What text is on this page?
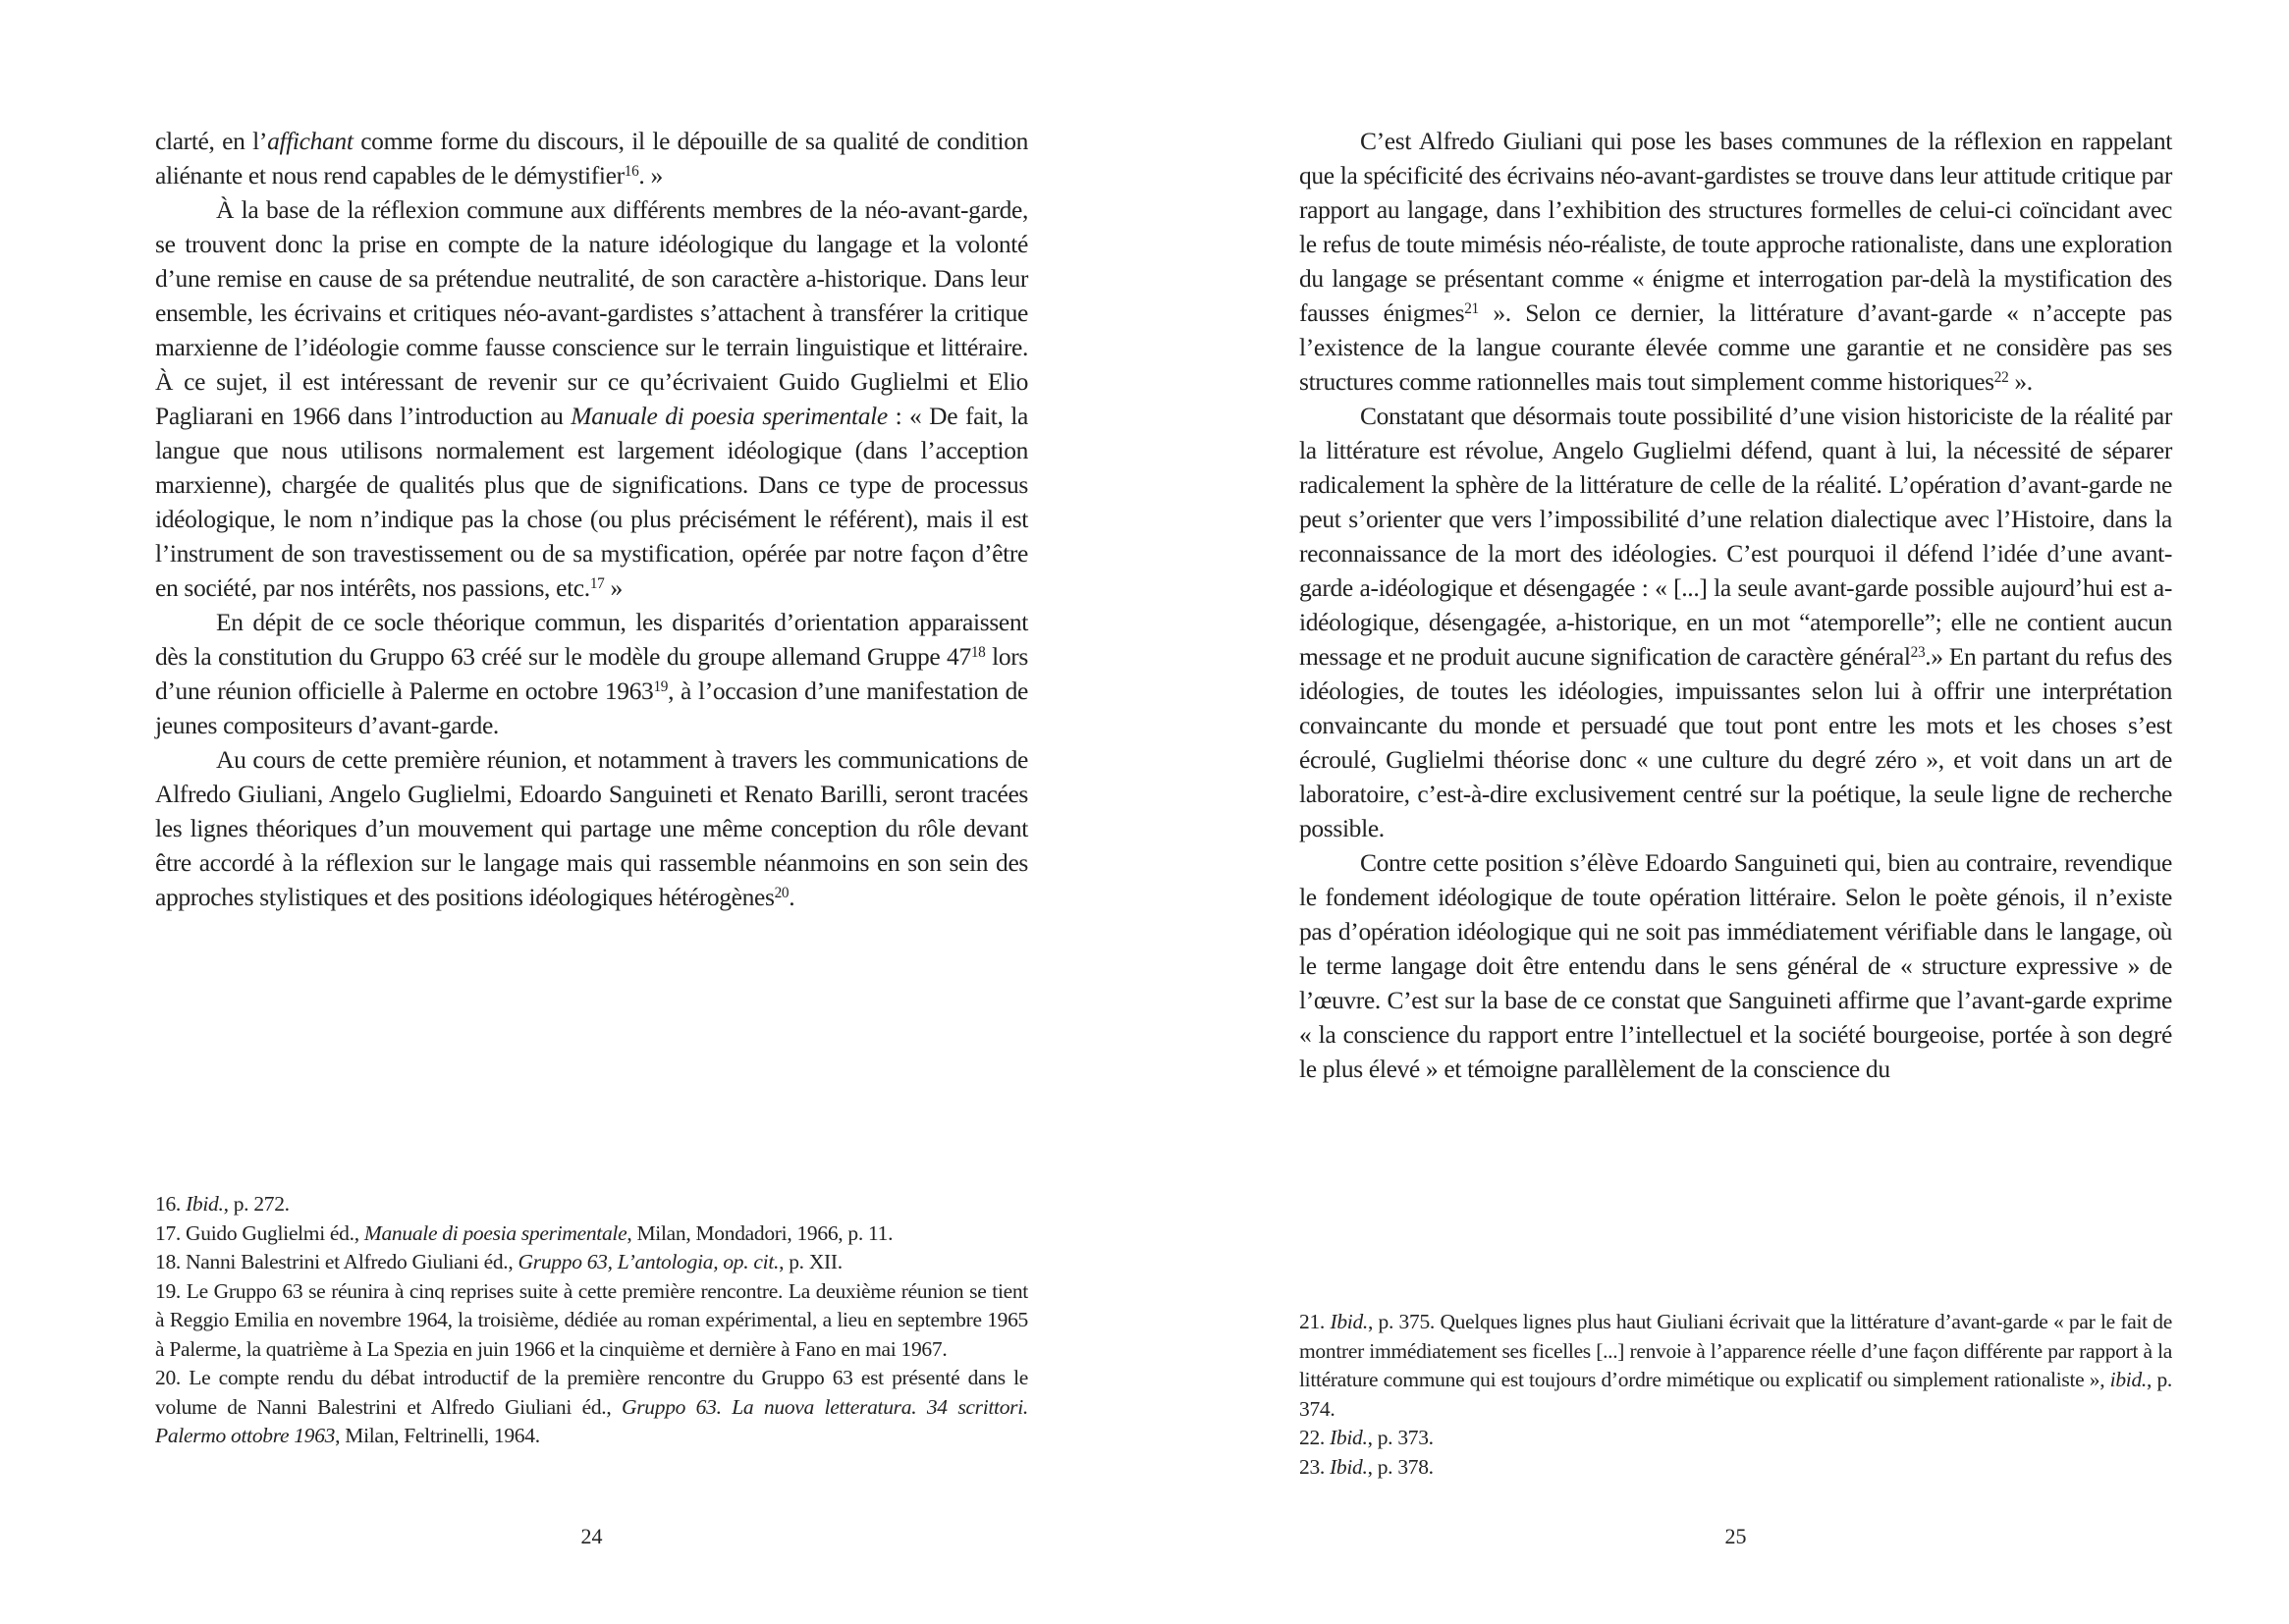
clarté, en l’affichant comme forme du discours, il le dépouille de sa qualité de condition aliénante et nous rend capables de le démystifier$^{16}$. »

À la base de la réflexion commune aux différents membres de la néo-avant-garde, se trouvent donc la prise en compte de la nature idéologique du langage et la volonté d’une remise en cause de sa prétendue neutralité, de son caractère a-historique. Dans leur ensemble, les écrivains et critiques néo-avant-gardistes s’attachent à transférer la critique marxienne de l’idéologie comme fausse conscience sur le terrain linguistique et littéraire. À ce sujet, il est intéressant de revenir sur ce qu’écrivaient Guido Guglielmi et Elio Pagliarani en 1966 dans l’introduction au Manuale di poesia sperimentale : « De fait, la langue que nous utilisons normalement est largement idéologique (dans l’acception marxienne), chargée de qualités plus que de significations. Dans ce type de processus idéologique, le nom n’indique pas la chose (ou plus précisément le référent), mais il est l’instrument de son travestissement ou de sa mystification, opérée par notre façon d’être en société, par nos intérêts, nos passions, etc.$^{17}$ »

En dépit de ce socle théorique commun, les disparités d’orientation apparaissent dès la constitution du Gruppo 63 créé sur le modèle du groupe allemand Gruppe $47^{18}$ lors d’une réunion officielle à Palerme en octobre 1963$^{19}$, à l’occasion d’une manifestation de jeunes compositeurs d’avant-garde.

Au cours de cette première réunion, et notamment à travers les communications de Alfredo Giuliani, Angelo Guglielmi, Edoardo Sanguineti et Renato Barilli, seront tracées les lignes théoriques d’un mouvement qui partage une même conception du rôle devant être accordé à la réflexion sur le langage mais qui rassemble néanmoins en son sein des approches stylistiques et des positions idéologiques hétérogènes$^{20}$.

16. Ibid., p. 272.

17. Guido Guglielmi éd., Manuale di poesia sperimentale, Milan, Mondadori, 1966, p. 11.

18. Nanni Balestrini et Alfredo Giuliani éd., Gruppo 63, L’antologia, op. cit., p. XII.

19. Le Gruppo 63 se réunira à cinq reprises suite à cette première rencontre. La deuxième réunion se tient à Reggio Emilia en novembre 1964, la troisième, dédiée au roman expérimental, a lieu en septembre 1965 à Palerme, la quatrième à La Spezia en juin 1966 et la cinquième et dernière à Fano en mai 1967.

20. Le compte rendu du débat introductif de la première rencontre du Gruppo 63 est présenté dans le volume de Nanni Balestrini et Alfredo Giuliani éd., Gruppo 63. La nuova letteratura. 34 scrittori. Palermo ottobre 1963, Milan, Feltrinelli, 1964.

24

C’est Alfredo Giuliani qui pose les bases communes de la réflexion en rappelant que la spécificité des écrivains néo-avant-gardistes se trouve dans leur attitude critique par rapport au langage, dans l’exhibition des structures formelles de celui-ci coïncidant avec le refus de toute mimésis néo-réaliste, de toute approche rationaliste, dans une exploration du langage se présentant comme « énigme et interrogation par-delà la mystification des fausses énigmes$^{21}$ ». Selon ce dernier, la littérature d’avant-garde « n’accepte pas l’existence de la langue courante élevée comme une garantie et ne considère pas ses structures comme rationnelles mais tout simplement comme historiques$^{22}$ ».

Constatant que désormais toute possibilité d’une vision historiciste de la réalité par la littérature est révolue, Angelo Guglielmi défend, quant à lui, la nécessité de séparer radicalement la sphère de la littérature de celle de la réalité. L’opération d’avant-garde ne peut s’orienter que vers l’impossibilité d’une relation dialectique avec l’Histoire, dans la reconnaissance de la mort des idéologies. C’est pourquoi il défend l’idée d’une avant-garde a-idéologique et désengagée : « [...] la seule avant-garde possible aujourd’hui est a-idéologique, désengagée, a-historique, en un mot “atemporelle”; elle ne contient aucun message et ne produit aucune signification de caractère général$^{23}$.» En partant du refus des idéologies, de toutes les idéologies, impuissantes selon lui à offrir une interprétation convaincante du monde et persuadé que tout pont entre les mots et les choses s’est écroulé, Guglielmi théorise donc « une culture du degré zéro », et voit dans un art de laboratoire, c’est-à-dire exclusivement centré sur la poétique, la seule ligne de recherche possible.

Contre cette position s’élève Edoardo Sanguineti qui, bien au contraire, revendique le fondement idéologique de toute opération littéraire. Selon le poète génois, il n’existe pas d’opération idéologique qui ne soit pas immédiatement vérifiable dans le langage, où le terme langage doit être entendu dans le sens général de « structure expressive » de l’œuvre. C’est sur la base de ce constat que Sanguineti affirme que l’avant-garde exprime « la conscience du rapport entre l’intellectuel et la société bourgeoise, portée à son degré le plus élevé » et témoigne parallèlement de la conscience du

21. Ibid., p. 375. Quelques lignes plus haut Giuliani écrivait que la littérature d’avant-garde « par le fait de montrer immédiatement ses ficelles [...] renvoie à l’apparence réelle d’une façon différente par rapport à la littérature commune qui est toujours d’ordre mimétique ou explicatif ou simplement rationaliste », ibid., p. 374.

22. Ibid., p. 373.

23. Ibid., p. 378.

25
